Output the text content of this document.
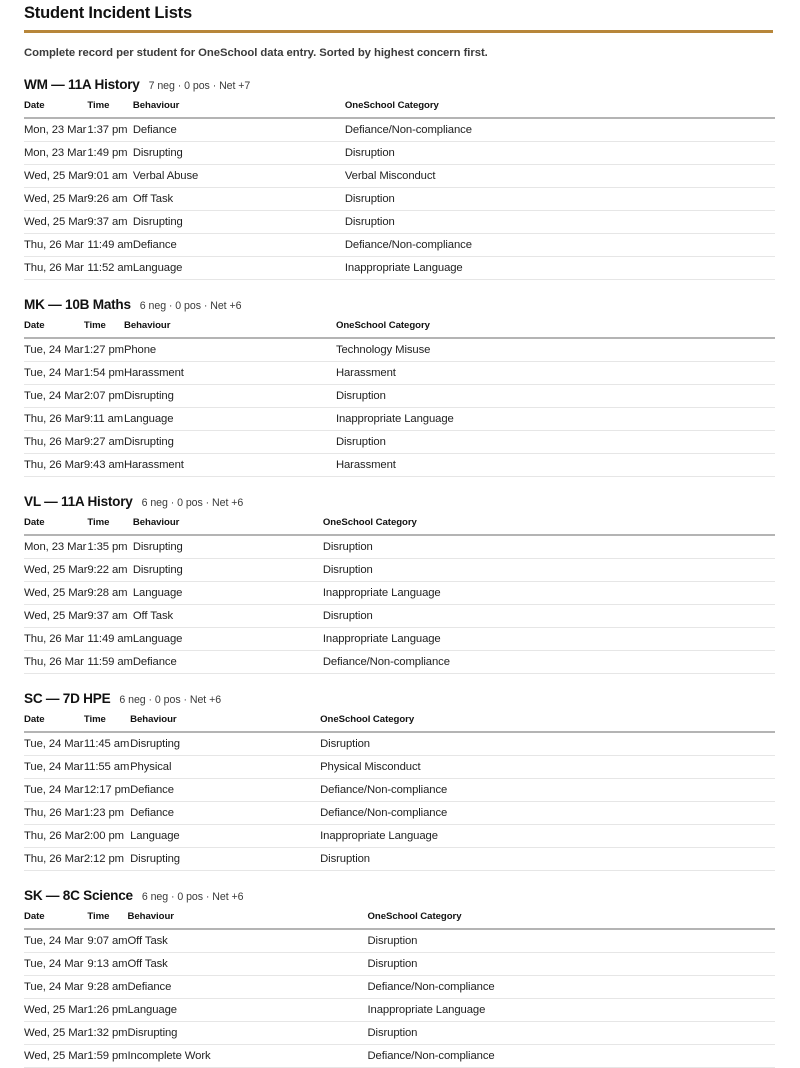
Student Incident Lists

Complete record per student for OneSchool data entry. Sorted by highest concern first.

WM — 11A History 7 neg · 0 pos · Net +7
Date	Time	Behaviour	OneSchool Category
Mon, 23 Mar	1:37 pm	Defiance	Defiance/Non-compliance
Mon, 23 Mar	1:49 pm	Disrupting	Disruption
Wed, 25 Mar	9:01 am	Verbal Abuse	Verbal Misconduct
Wed, 25 Mar	9:26 am	Off Task	Disruption
Wed, 25 Mar	9:37 am	Disrupting	Disruption
Thu, 26 Mar	11:49 am	Defiance	Defiance/Non-compliance
Thu, 26 Mar	11:52 am	Language	Inappropriate Language
MK — 10B Maths 6 neg · 0 pos · Net +6
Date	Time	Behaviour	OneSchool Category
Tue, 24 Mar	1:27 pm	Phone	Technology Misuse
Tue, 24 Mar	1:54 pm	Harassment	Harassment
Tue, 24 Mar	2:07 pm	Disrupting	Disruption
Thu, 26 Mar	9:11 am	Language	Inappropriate Language
Thu, 26 Mar	9:27 am	Disrupting	Disruption
Thu, 26 Mar	9:43 am	Harassment	Harassment
VL — 11A History 6 neg · 0 pos · Net +6
Date	Time	Behaviour	OneSchool Category
Mon, 23 Mar	1:35 pm	Disrupting	Disruption
Wed, 25 Mar	9:22 am	Disrupting	Disruption
Wed, 25 Mar	9:28 am	Language	Inappropriate Language
Wed, 25 Mar	9:37 am	Off Task	Disruption
Thu, 26 Mar	11:49 am	Language	Inappropriate Language
Thu, 26 Mar	11:59 am	Defiance	Defiance/Non-compliance
SC — 7D HPE 6 neg · 0 pos · Net +6
Date	Time	Behaviour	OneSchool Category
Tue, 24 Mar	11:45 am	Disrupting	Disruption
Tue, 24 Mar	11:55 am	Physical	Physical Misconduct
Tue, 24 Mar	12:17 pm	Defiance	Defiance/Non-compliance
Thu, 26 Mar	1:23 pm	Defiance	Defiance/Non-compliance
Thu, 26 Mar	2:00 pm	Language	Inappropriate Language
Thu, 26 Mar	2:12 pm	Disrupting	Disruption
SK — 8C Science 6 neg · 0 pos · Net +6
Date	Time	Behaviour	OneSchool Category
Tue, 24 Mar	9:07 am	Off Task	Disruption
Tue, 24 Mar	9:13 am	Off Task	Disruption
Tue, 24 Mar	9:28 am	Defiance	Defiance/Non-compliance
Wed, 25 Mar	1:26 pm	Language	Inappropriate Language
Wed, 25 Mar	1:32 pm	Disrupting	Disruption
Wed, 25 Mar	1:59 pm	Incomplete Work	Defiance/Non-compliance
